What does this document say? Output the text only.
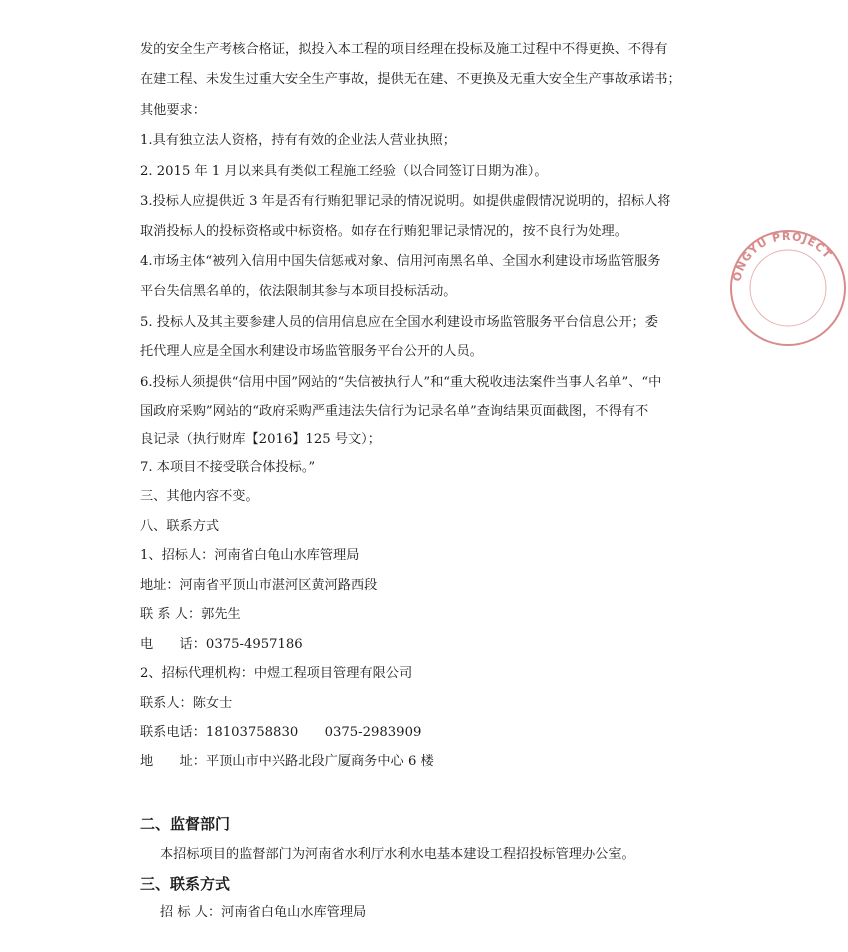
发的安全生产考核合格证，拟投入本工程的项目经理在投标及施工过程中不得更换、不得有
在建工程、未发生过重大安全生产事故，提供无在建、不更换及无重大安全生产事故承诺书；
其他要求：
1.具有独立法人资格，持有有效的企业法人营业执照；
2. 2015 年 1 月以来具有类似工程施工经验（以合同签订日期为准）。
3.投标人应提供近 3 年是否有行贿犯罪记录的情况说明。如提供虚假情况说明的，招标人将
取消投标人的投标资格或中标资格。如存在行贿犯罪记录情况的，按不良行为处理。
4.市场主体“被列入信用中国失信惩戒对象、信用河南黑名单、全国水利建设市场监管服务
平台失信黑名单的，依法限制其参与本项目投标活动。
5. 投标人及其主要参建人员的信用信息应在全国水利建设市场监管服务平台信息公开；委
托代理人应是全国水利建设市场监管服务平台公开的人员。
6.投标人须提供“信用中国”网站的“失信被执行人”和“重大税收违法案件当事人名单”、“中
国政府采购”网站的“政府采购严重违法失信行为记录名单”查询结果页面截图，不得有不
良记录（执行财库【2016】125 号文）；
7. 本项目不接受联合体投标。”
三、其他内容不变。
八、联系方式
1、招标人：河南省白龟山水库管理局
地址：河南省平顶山市湛河区黄河路西段
联 系 人：郭先生
电　　话：0375-4957186
2、招标代理机构：中煜工程项目管理有限公司
联系人：陈女士
联系电话：18103758830　　0375-2983909
地　　址：平顶山市中兴路北段广厦商务中心 6 楼
二、监督部门
本招标项目的监督部门为河南省水利厅水利水电基本建设工程招投标管理办公室。
三、联系方式
招 标 人：河南省白龟山水库管理局
ONGYU PROJECT
